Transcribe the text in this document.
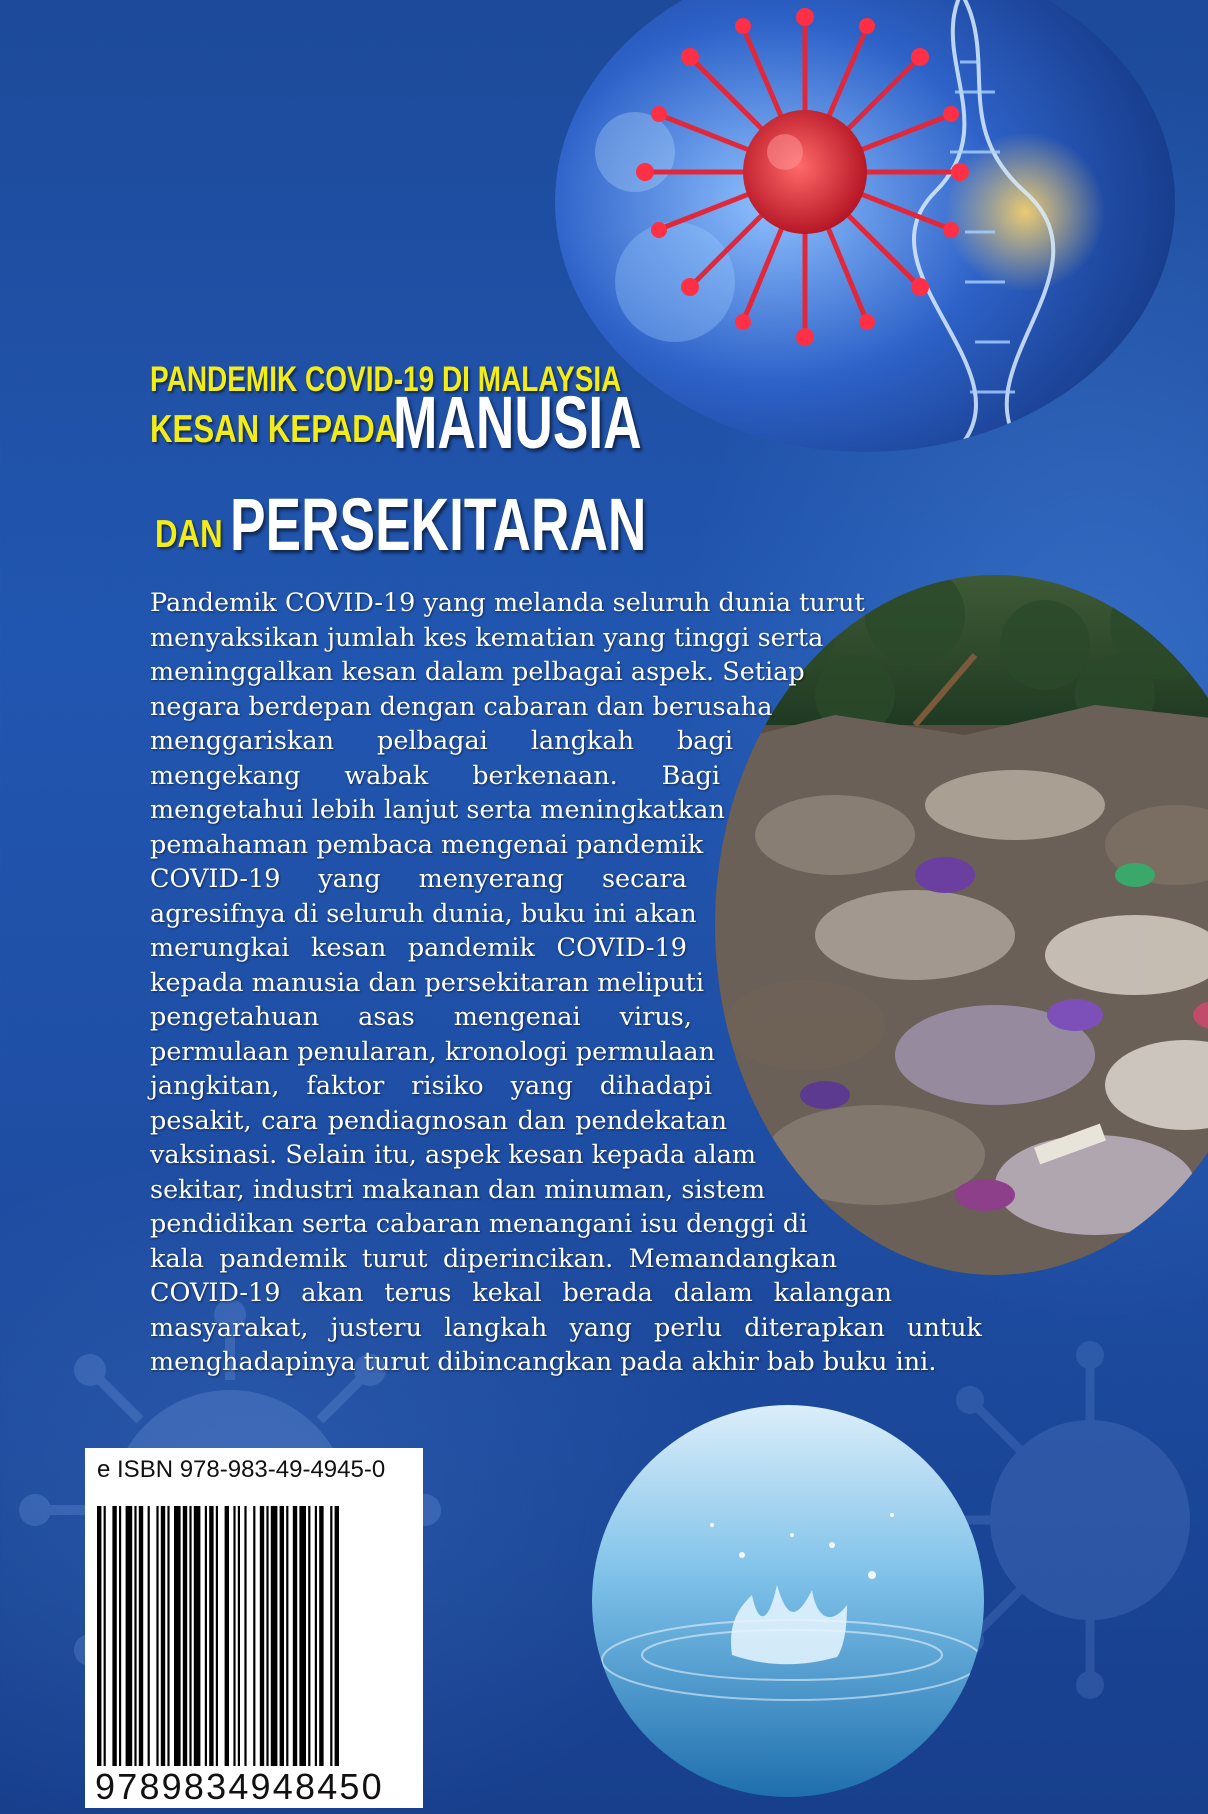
PANDEMIK COVID-19 DI MALAYSIA
KESAN KEPADA
MANUSIA
DAN PERSEKITARAN
Pandemik COVID-19 yang melanda seluruh dunia turut
menyaksikan jumlah kes kematian yang tinggi serta
meninggalkan kesan dalam pelbagai aspek. Setiap
negara berdepan dengan cabaran dan berusaha
menggariskan pelbagai langkah bagi
mengekang wabak berkenaan. Bagi
mengetahui lebih lanjut serta meningkatkan
pemahaman pembaca mengenai pandemik
COVID-19 yang menyerang secara
agresifnya di seluruh dunia, buku ini akan
merungkai kesan pandemik COVID-19
kepada manusia dan persekitaran meliputi
pengetahuan asas mengenai virus,
permulaan penularan, kronologi permulaan
jangkitan, faktor risiko yang dihadapi
pesakit, cara pendiagnosan dan pendekatan
vaksinasi. Selain itu, aspek kesan kepada alam
sekitar, industri makanan dan minuman, sistem
pendidikan serta cabaran menangani isu denggi di
kala pandemik turut diperincikan. Memandangkan
COVID-19 akan terus kekal berada dalam kalangan
masyarakat, justeru langkah yang perlu diterapkan untuk
menghadapinya turut dibincangkan pada akhir bab buku ini.
e ISBN 978-983-49-4945-0
9789834948450
